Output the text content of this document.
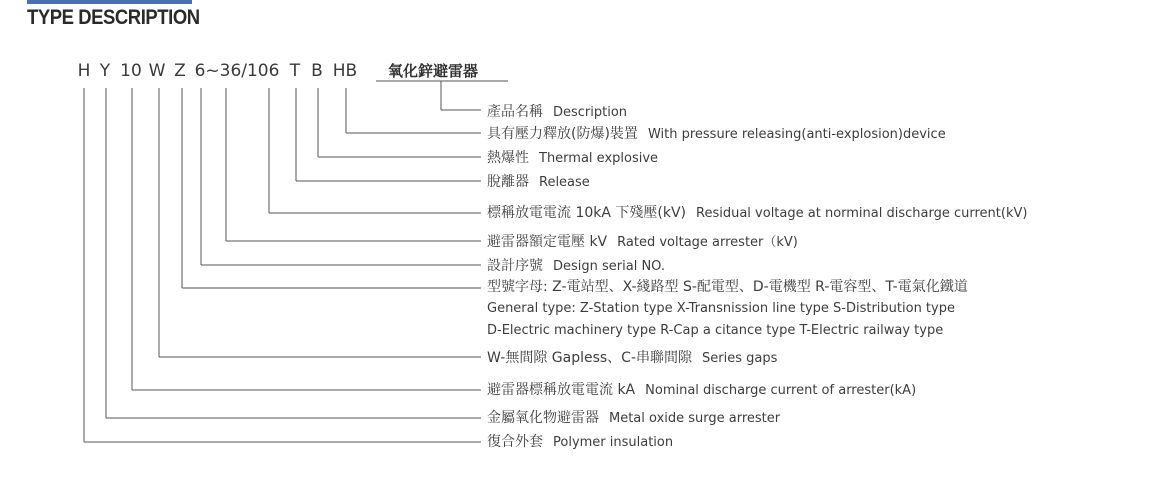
TYPE DESCRIPTION
H Y 10 W Z 6~36/106 T B HB 氧化鋅避雷器
產品名稱 Description
具有壓力釋放(防爆)裝置 With pressure releasing(anti-explosion)device
熱爆性 Thermal explosive
脫離器 Release
標稱放電電流 10kA 下殘壓(kV) Residual voltage at norminal discharge current(kV)
避雷器額定電壓 kV Rated voltage arrester（kV)
設計序號 Design serial NO.
型號字母: Z-電站型、X-綫路型 S-配電型、D-電機型 R-電容型、T-電氣化鐵道
General type: Z-Station type X-Transnission line type S-Distribution type
D-Electric machinery type R-Cap a citance type T-Electric railway type
W-無間隙 Gapless、C-串聯間隙 Series gaps
避雷器標稱放電電流 kA Nominal discharge current of arrester(kA)
金屬氧化物避雷器 Metal oxide surge arrester
復合外套 Polymer insulation
